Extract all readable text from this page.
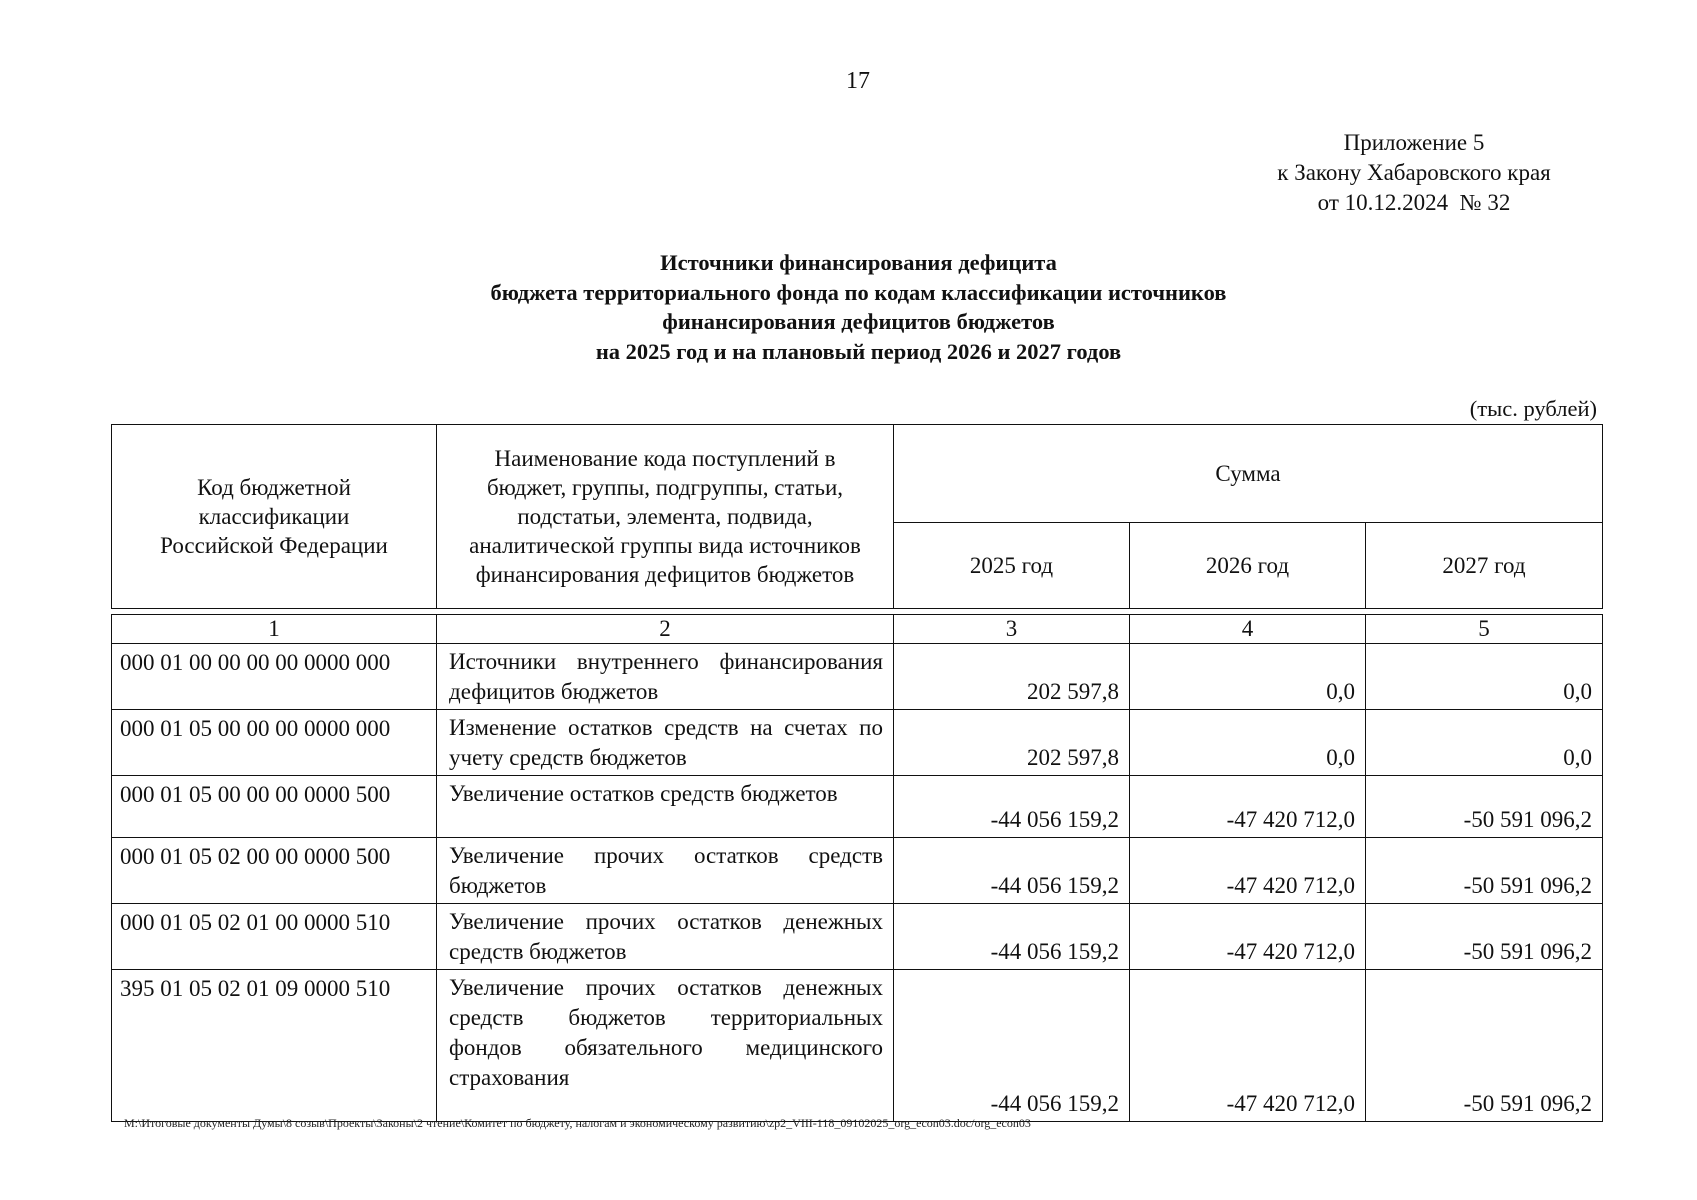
17
Приложение 5
к Закону Хабаровского края
от 10.12.2024  № 32
Источники финансирования дефицита
бюджета территориального фонда по кодам классификации источников
финансирования дефицитов бюджетов
на 2025 год и на плановый период 2026 и 2027 годов
(тыс. рублей)
Код бюджетной классификации Российской Федерации	Наименование кода поступлений в бюджет, группы, подгруппы, статьи, подстатьи, элемента, подвида, аналитической группы вида источников финансирования дефицитов бюджетов	Сумма		
		2025 год	2026 год	2027 год
1	2	3	4	5
000 01 00 00 00 00 0000 000	Источники внутреннего финансирования дефицитов бюджетов	202 597,8	0,0	0,0
000 01 05 00 00 00 0000 000	Изменение остатков средств на счетах по учету средств бюджетов	202 597,8	0,0	0,0
000 01 05 00 00 00 0000 500	Увеличение остатков средств бюджетов	-44 056 159,2	-47 420 712,0	-50 591 096,2
000 01 05 02 00 00 0000 500	Увеличение прочих остатков средств бюджетов	-44 056 159,2	-47 420 712,0	-50 591 096,2
000 01 05 02 01 00 0000 510	Увеличение прочих остатков денежных средств бюджетов	-44 056 159,2	-47 420 712,0	-50 591 096,2
395 01 05 02 01 09 0000 510	Увеличение прочих остатков денежных средств бюджетов территориальных фондов обязательного медицинского страхования	-44 056 159,2	-47 420 712,0	-50 591 096,2
M:\Итоговые документы Думы\8 созыв\Проекты\Законы\2 чтение\Комитет по бюджету, налогам и экономическому развитию\zp2_VIII-118_09102025_org_econ03.doc/org_econ03
